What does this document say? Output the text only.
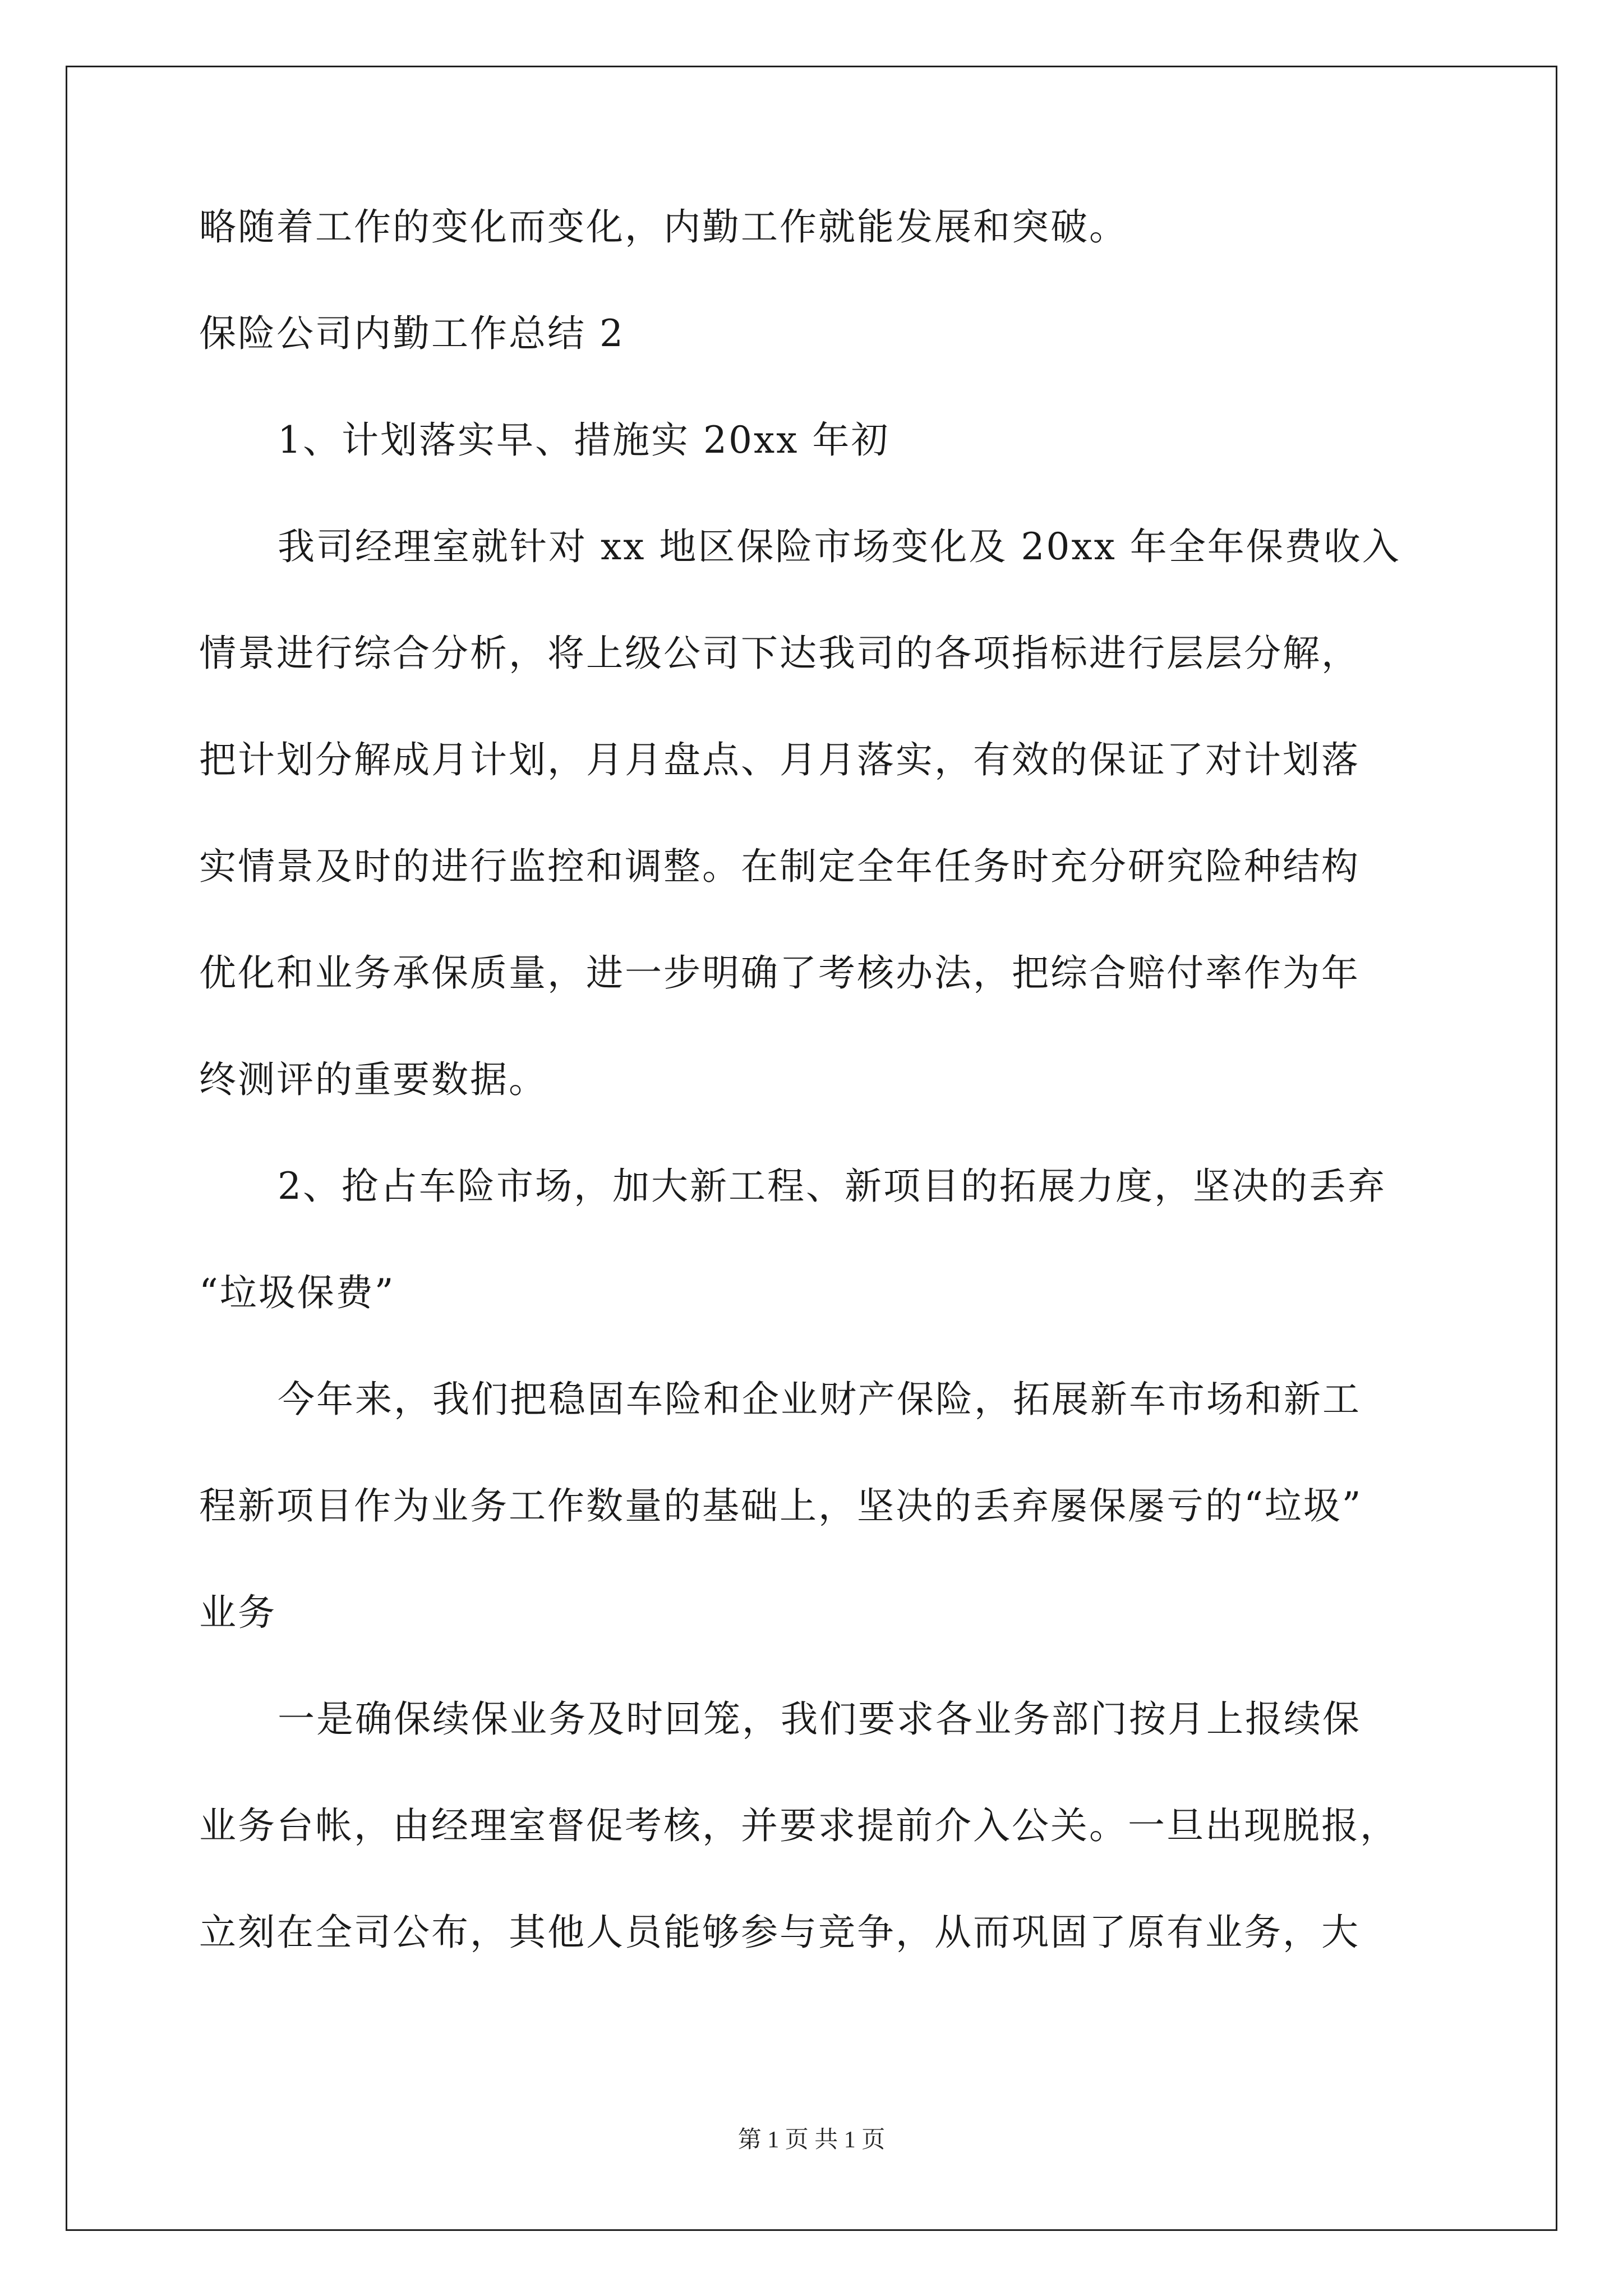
略随着工作的变化而变化，内勤工作就能发展和突破。
保险公司内勤工作总结 2
1、计划落实早、措施实 20xx 年初
我司经理室就针对 xx 地区保险市场变化及 20xx 年全年保费收入
情景进行综合分析，将上级公司下达我司的各项指标进行层层分解，
把计划分解成月计划，月月盘点、月月落实，有效的保证了对计划落
实情景及时的进行监控和调整。在制定全年任务时充分研究险种结构
优化和业务承保质量，进一步明确了考核办法，把综合赔付率作为年
终测评的重要数据。
2、抢占车险市场，加大新工程、新项目的拓展力度，坚决的丢弃
“垃圾保费”
今年来，我们把稳固车险和企业财产保险，拓展新车市场和新工
程新项目作为业务工作数量的基础上，坚决的丢弃屡保屡亏的“垃圾”
业务
一是确保续保业务及时回笼，我们要求各业务部门按月上报续保
业务台帐，由经理室督促考核，并要求提前介入公关。一旦出现脱报，
立刻在全司公布，其他人员能够参与竞争，从而巩固了原有业务，大
第 1 页 共 1 页
